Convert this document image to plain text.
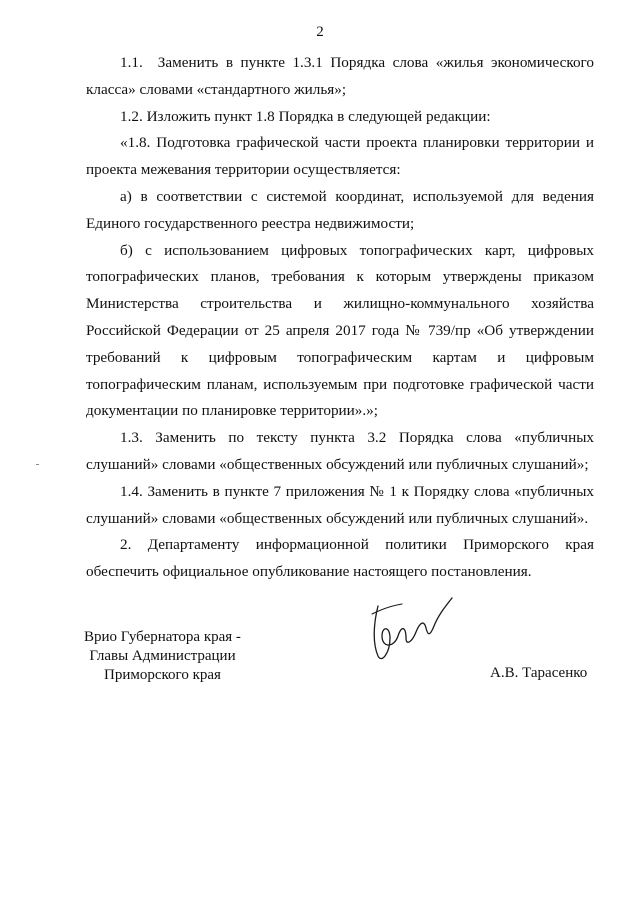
2

1.1.  Заменить в пункте 1.3.1 Порядка слова «жилья экономического класса» словами «стандартного жилья»;

1.2. Изложить пункт 1.8 Порядка в следующей редакции:

«1.8. Подготовка графической части проекта планировки территории и проекта межевания территории осуществляется:

а) в соответствии с системой координат, используемой для ведения Единого государственного реестра недвижимости;

б) с использованием цифровых топографических карт, цифровых топографических планов, требования к которым утверждены приказом Министерства строительства и жилищно-коммунального хозяйства Российской Федерации от 25 апреля 2017 года № 739/пр «Об утверждении требований к цифровым топографическим картам и цифровым топографическим планам, используемым при подготовке графической части документации по планировке территории».»;

1.3. Заменить по тексту пункта 3.2 Порядка слова «публичных слушаний» словами «общественных обсуждений или публичных слушаний»;

1.4. Заменить в пункте 7 приложения № 1 к Порядку слова «публичных слушаний» словами «общественных обсуждений или публичных слушаний».

2. Департаменту информационной политики Приморского края обеспечить официальное опубликование настоящего постановления.

Врио Губернатора края -
Главы Администрации
Приморского края	А.В. Тарасенко
